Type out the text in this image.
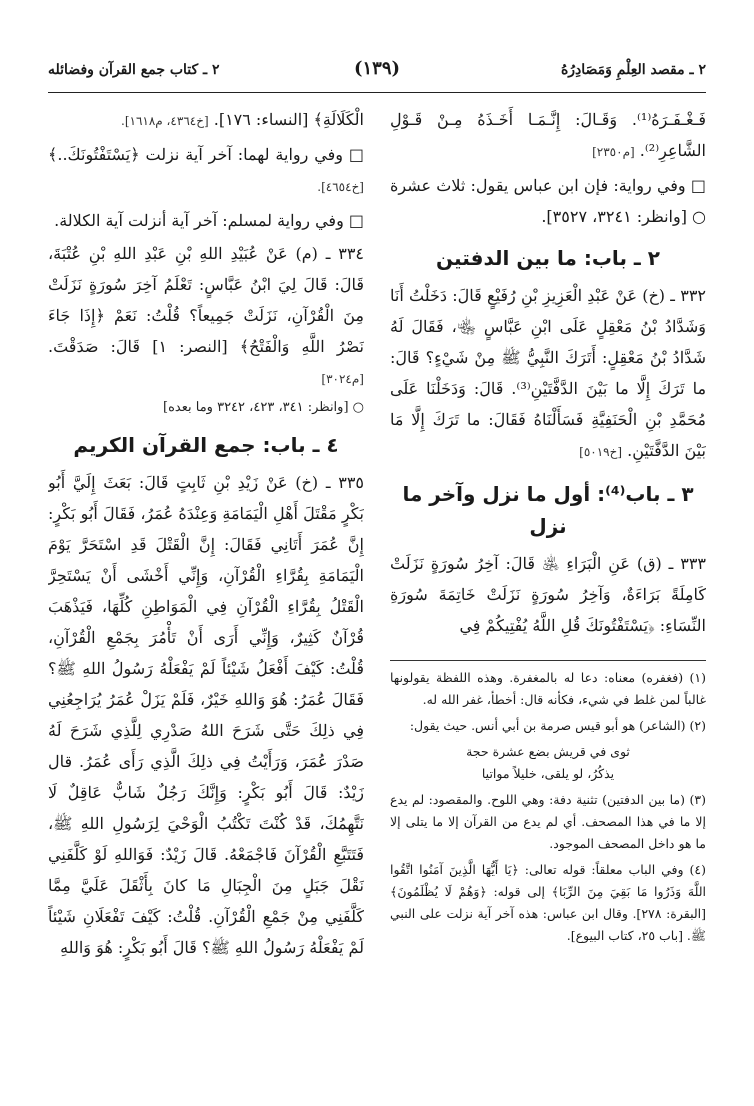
٢ ـ مقصد العِلْمِ وَمَصَادِرُهُ
(١٣٩)
٢ ـ كتاب جمع القرآن وفضائله

فَـغْـفَـرَهُ⁽¹⁾. وَقَـالَ: إِنَّـمَـا أَخَـذَهُ مِـنْ قَـوْلِ الشَّاعِرِ⁽²⁾. [م٢٣٥٠]

□ وفي رواية: فإن ابن عباس يقول: ثلاث عشرة ○ [وانظر: ٣٢٤١، ٣٥٢٧].

٢ ـ باب: ما بين الدفتين

٣٣٢ ـ (خ) عَنْ عَبْدِ الْعَزِيزِ بْنِ رُفَيْعٍ قَالَ: دَخَلْتُ أَنَا وَشَدَّادُ بْنُ مَعْقِلٍ عَلَى ابْنِ عَبَّاسٍ ﵄، فَقَالَ لَهُ شَدَّادُ بْنُ مَعْقِلٍ: أَتَرَكَ النَّبِيُّ ﷺ مِنْ شَيْءٍ؟ قَالَ: ما تَرَكَ إِلَّا ما بَيْنَ الدَّفَّتَيْنِ⁽³⁾. قَالَ: وَدَخَلْنَا عَلَى مُحَمَّدِ بْنِ الْحَنَفِيَّةِ فَسَأَلْنَاهُ فَقَالَ: ما تَرَكَ إِلَّا مَا بَيْنَ الدَّفَّتَيْنِ. [خ٥٠١٩]

٣ ـ باب⁽⁴⁾: أول ما نزل وآخر ما نزل

٣٣٣ ـ (ق) عَنِ الْبَرَاءِ ﵁ قَالَ: آخِرُ سُورَةٍ نَزَلَتْ كَامِلَةً بَرَاءَةٌ، وَآخِرُ سُورَةٍ نَزَلَتْ خَاتِمَةَ سُورَةِ النِّسَاءِ: ﴿يَسْتَفْتُونَكَ قُلِ اللَّهُ يُفْتِيكُمْ فِي

الْكَلَالَةِ﴾ [النساء: ١٧٦]. [خ٤٣٦٤، م١٦١٨].

□ وفي رواية لهما: آخر آية نزلت ﴿يَسْتَفْتُونَكَ..﴾ [خ٤٦٥٤].

□ وفي رواية لمسلم: آخر آية أنزلت آية الكلالة.

٣٣٤ ـ (م) عَنْ عُبَيْدِ اللهِ بْنِ عَبْدِ اللهِ بْنِ عُتْبَةَ، قَالَ: قَالَ لِيَ ابْنُ عَبَّاسٍ: تَعْلَمُ آخِرَ سُورَةٍ نَزَلَتْ مِنَ الْقُرْآنِ، نَزَلَتْ جَمِيعاً؟ قُلْتُ: نَعَمْ ﴿إِذَا جَاءَ نَصْرُ اللَّهِ وَالْفَتْحُ﴾ [النصر: ١] قَالَ: صَدَقْتَ. [م٣٠٢٤]

○ [وانظر: ٣٤١، ٤٢٣، ٣٢٤٢ وما بعده]

٤ ـ باب: جمع القرآن الكريم

٣٣٥ ـ (خ) عَنْ زَيْدِ بْنِ ثَابِتٍ قَالَ: بَعَثَ إِلَيَّ أَبُو بَكْرٍ مَقْتَلَ أَهْلِ الْيَمَامَةِ وَعِنْدَهُ عُمَرُ، فَقَالَ أَبُو بَكْرٍ: إِنَّ عُمَرَ أَتَانِي فَقَالَ: إِنَّ الْقَتْلَ قَدِ اسْتَحَرَّ يَوْمَ الْيَمَامَةِ بِقُرَّاءِ الْقُرْآنِ، وَإِنِّي أَخْشَى أَنْ يَسْتَحِرَّ الْقَتْلُ بِقُرَّاءِ الْقُرْآنِ فِي الْمَوَاطِنِ كُلِّهَا، فَيَذْهَبَ قُرْآنٌ كَثِيرٌ، وَإِنِّي أَرَى أَنْ تَأْمُرَ بِجَمْعِ الْقُرْآنِ، قُلْتُ: كَيْفَ أَفْعَلُ شَيْئاً لَمْ يَفْعَلْهُ رَسُولُ اللهِ ﷺ؟ فَقَالَ عُمَرُ: هُوَ وَاللهِ خَيْرٌ، فَلَمْ يَزَلْ عُمَرُ يُرَاجِعُنِي فِي ذلِكَ حَتَّى شَرَحَ اللهُ صَدْرِي لِلَّذِي شَرَحَ لَهُ صَدْرَ عُمَرَ، وَرَأَيْتُ فِي ذلِكَ الَّذِي رَأَى عُمَرُ. قال زَيْدٌ: قَالَ أَبُو بَكْرٍ: وَإِنَّكَ رَجُلٌ شَابٌّ عَاقِلٌ لَا نَتَّهِمُكَ، قَدْ كُنْتَ تَكْتُبُ الْوَحْيَ لِرَسُولِ اللهِ ﷺ، فَتَتَبَّعِ الْقُرْآنَ فَاجْمَعْهُ. قَالَ زَيْدٌ: فَوَاللهِ لَوْ كَلَّفَنِي نَقْلَ جَبَلٍ مِنَ الْجِبَالِ مَا كانَ بِأَثْقَلَ عَلَيَّ مِمَّا كَلَّفَنِي مِنْ جَمْعِ الْقُرْآنِ. قُلْتُ: كَيْفَ تَفْعَلَانِ شَيْئاً لَمْ يَفْعَلْهُ رَسُولُ اللهِ ﷺ؟ قَالَ أَبُو بَكْرٍ: هُوَ وَاللهِ

(١) (فغفره) معناه: دعا له بالمغفرة. وهذه اللفظة يقولونها غالباً لمن غلط في شيء، فكأنه قال: أخطأ، غفر الله له.

(٢) (الشاعر) هو أبو قيس صرمة بن أبي أنس. حيث يقول:

ثوى في قريش بضع عشرة حجة

يذكُرُ، لو يلقى، خليلاً مواتيا

(٣) (ما بين الدفتين) تثنية دفة: وهي اللوح. والمقصود: لم يدع إلا ما في هذا المصحف. أي لم يدع من القرآن إلا ما يتلى إلا ما هو داخل المصحف الموجود.

(٤) وفي الباب معلقاً: قوله تعالى: ﴿يَا أَيُّهَا الَّذِينَ آمَنُوا اتَّقُوا اللَّهَ وَذَرُوا مَا بَقِيَ مِنَ الرِّبَا﴾ إلى قوله: ﴿وَهُمْ لَا يُظْلَمُونَ﴾ [البقرة: ٢٧٨]. وقال ابن عباس: هذه آخر آية نزلت على النبي ﷺ. [باب ٢٥، كتاب البيوع].
